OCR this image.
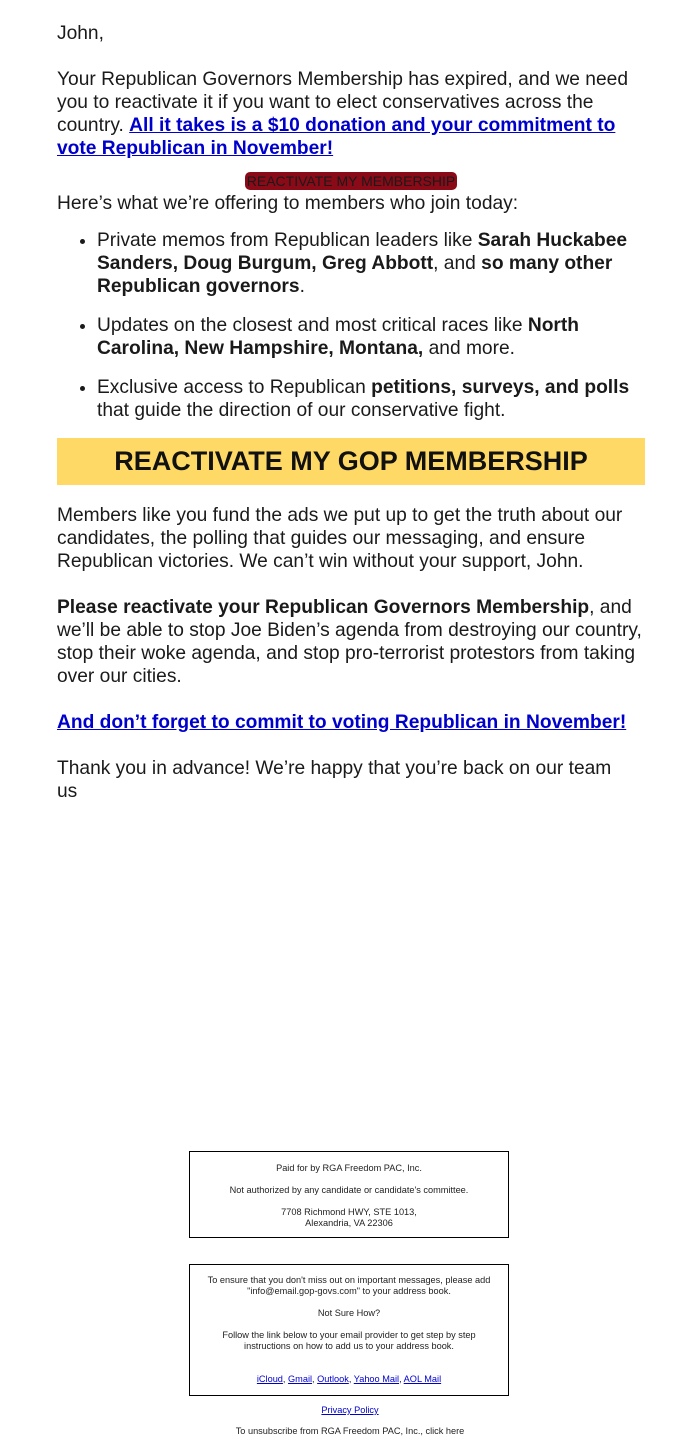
John,

Your Republican Governors Membership has expired, and we need you to reactivate it if you want to elect conservatives across the country. All it takes is a $10 donation and your commitment to vote Republican in November!

REACTIVATE MY MEMBERSHIP

Here’s what we’re offering to members who join today:

• Private memos from Republican leaders like Sarah Huckabee Sanders, Doug Burgum, Greg Abbott, and so many other Republican governors.
• Updates on the closest and most critical races like North Carolina, New Hampshire, Montana, and more.
• Exclusive access to Republican petitions, surveys, and polls that guide the direction of our conservative fight.
REACTIVATE MY GOP MEMBERSHIP

Members like you fund the ads we put up to get the truth about our candidates, the polling that guides our messaging, and ensure Republican victories. We can’t win without your support, John.

Please reactivate your Republican Governors Membership, and we’ll be able to stop Joe Biden’s agenda from destroying our country, stop their woke agenda, and stop pro-terrorist protestors from taking over our cities.

And don’t forget to commit to voting Republican in November!

Thank you in advance! We’re happy that you’re back on our team

us

Paid for by RGA Freedom PAC, Inc.

Not authorized by any candidate or candidate's committee.

7708 Richmond HWY, STE 1013,

Alexandria, VA 22306

To ensure that you don't miss out on important messages, please add "info@email.gop-govs.com" to your address book.

Not Sure How?

Follow the link below to your email provider to get step by step instructions on how to add us to your address book.

iCloud, Gmail, Outlook, Yahoo Mail, AOL Mail

Privacy Policy
To unsubscribe from RGA Freedom PAC, Inc., click here
